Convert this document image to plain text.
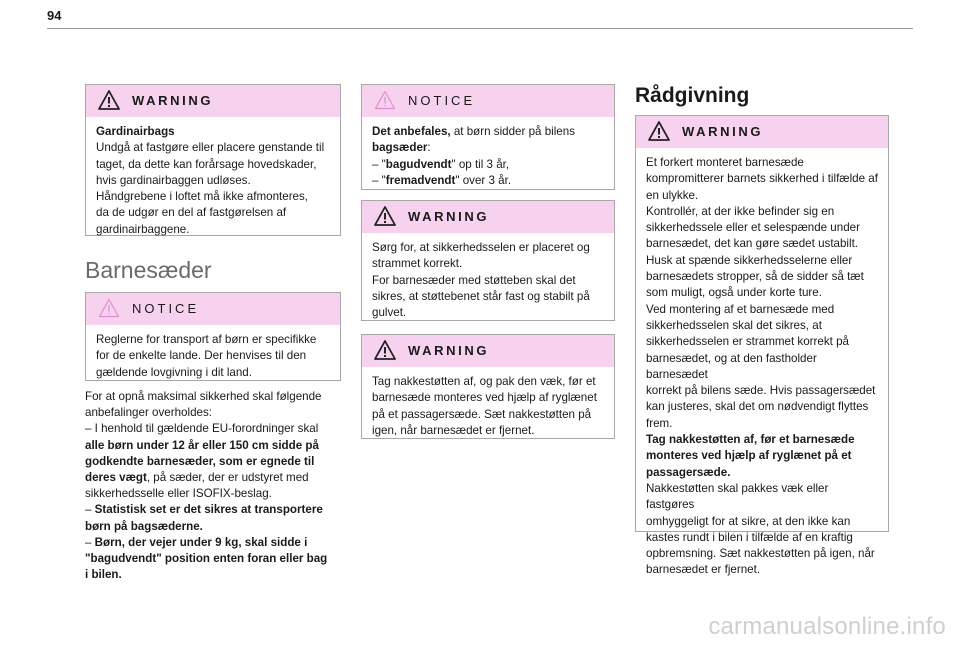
94
WARNING

Gardinairbags

Undgå at fastgøre eller placere genstande til

taget, da dette kan forårsage hovedskader,

hvis gardinairbaggen udløses.

Håndgrebene i loftet må ikke afmonteres,

da de udgør en del af fastgørelsen af

gardinairbaggene.

Barnesæder
NOTICE

Reglerne for transport af børn er specifikke

for de enkelte lande. Der henvises til den

gældende lovgivning i dit land.

For at opnå maksimal sikkerhed skal følgende

anbefalinger overholdes:

– I henhold til gældende EU-forordninger skal

alle børn under 12 år eller 150 cm sidde på

godkendte barnesæder, som er egnede til

deres vægt, på sæder, der er udstyret med

sikkerhedsselle eller ISOFIX-beslag.

– Statistisk set er det sikres at transportere

børn på bagsæderne.

– Børn, der vejer under 9 kg, skal sidde i

"bagudvendt" position enten foran eller bag

i bilen.

NOTICE

Det anbefales, at børn sidder på bilens

bagsæder:

– "bagudvendt" op til 3 år,

– "fremadvendt" over 3 år.

WARNING

Sørg for, at sikkerhedsselen er placeret og

strammet korrekt.

For barnesæder med støtteben skal det

sikres, at støttebenet står fast og stabilt på

gulvet.

WARNING

Tag nakkestøtten af, og pak den væk, før et

barnesæde monteres ved hjælp af ryglænet

på et passagersæde. Sæt nakkestøtten på

igen, når barnesædet er fjernet.

Rådgivning
WARNING

Et forkert monteret barnesæde

kompromitterer barnets sikkerhed i tilfælde af

en ulykke.

Kontrollér, at der ikke befinder sig en

sikkerhedssele eller et selespænde under

barnesædet, det kan gøre sædet ustabilt.

Husk at spænde sikkerhedsselerne eller

barnesædets stropper, så de sidder så tæt

som muligt, også under korte ture.

Ved montering af et barnesæde med

sikkerhedsselen skal det sikres, at

sikkerhedsselen er strammet korrekt på

barnesædet, og at den fastholder barnesædet

korrekt på bilens sæde. Hvis passagersædet

kan justeres, skal det om nødvendigt flyttes

frem.

Tag nakkestøtten af, før et barnesæde

monteres ved hjælp af ryglænet på et

passagersæde.

Nakkestøtten skal pakkes væk eller fastgøres

omhyggeligt for at sikre, at den ikke kan

kastes rundt i bilen i tilfælde af en kraftig

opbremsning. Sæt nakkestøtten på igen, når

barnesædet er fjernet.

carmanualsonline.info
